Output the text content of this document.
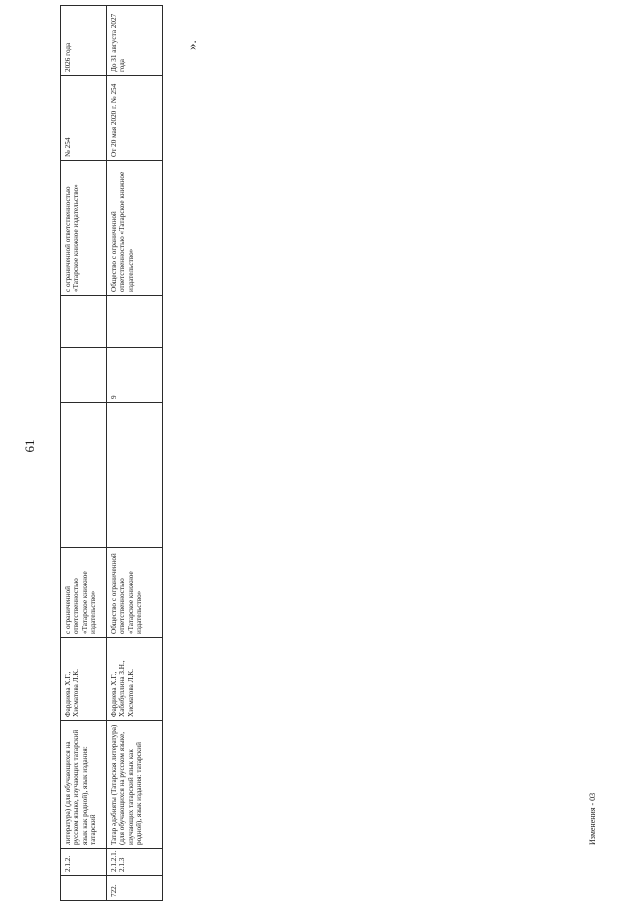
61
	2.1.2.	литература) (для обучающихся на русском языке, изучающих татарский язык как родной), язык издания: татарский	Фардиева Х.Г., Хисматова Л.К.	с ограниченной ответственностью «Татарское книжное издательство»				с ограниченной ответственностью «Татарское книжное издательство»	№ 254	2026 года
722.	2.1.2.1. 2.1.3	Татар әдәбияты (Татарская литература) (для обучающихся на русском языке, изучающих татарский язык как родной), язык издания: татарский	Фардиева Х.Г., Хабибуллина З.Н., Хисматова Л.К.	Общество с ограниченной ответственностью «Татарское книжное издательство»		9		Общество с ограниченной ответственностью «Татарское книжное издательство»	От 20 мая 2020 г. № 254	До 31 августа 2027 года
».
Изменения - 03
